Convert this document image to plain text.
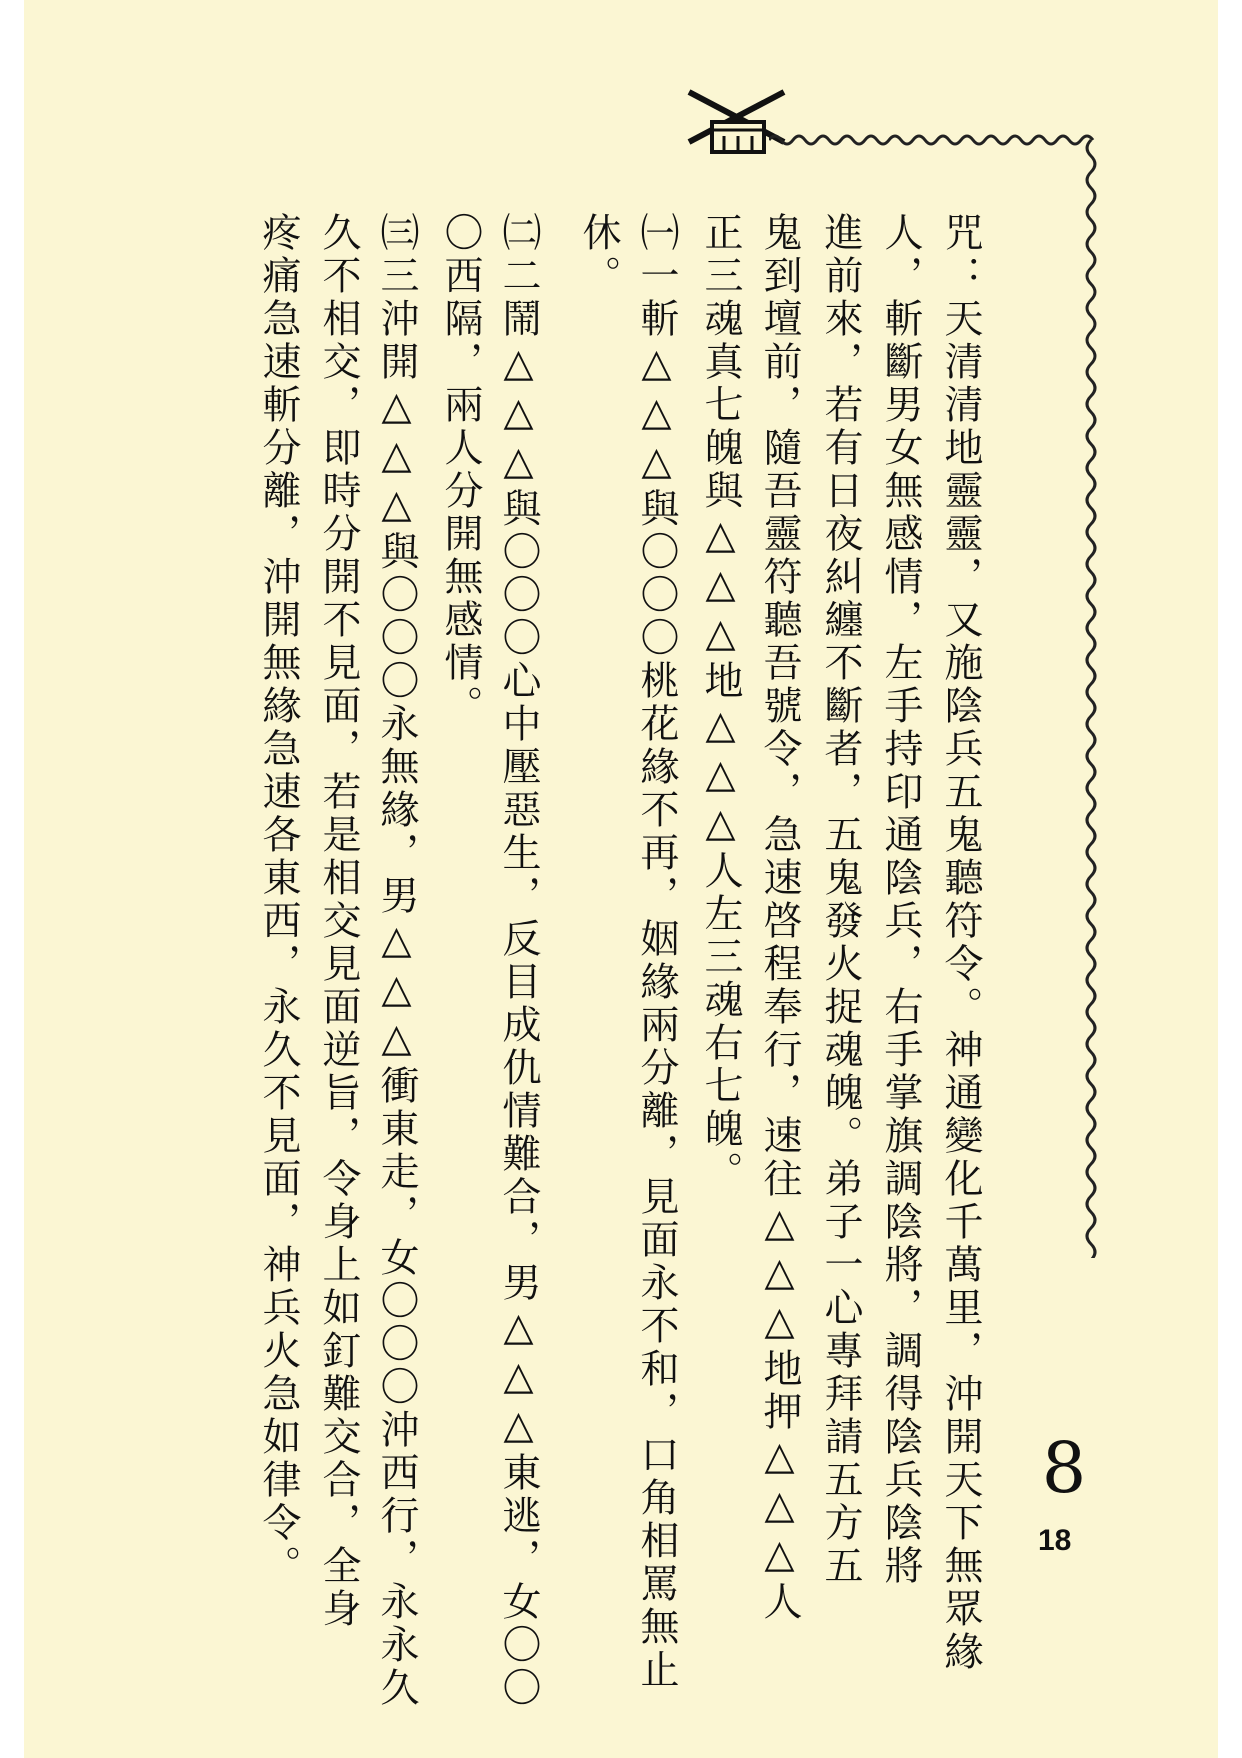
咒：天清清地靈靈，又施陰兵五鬼聽符令。神通變化千萬里，沖開天下無眾緣
人，斬斷男女無感情，左手持印通陰兵，右手掌旗調陰將，調得陰兵陰將
進前來，若有日夜糾纏不斷者，五鬼發火捉魂魄。弟子一心專拜請五方五
鬼到壇前，隨吾靈符聽吾號令，急速啓程奉行，速往△△△地押△△△人
正三魂真七魄與△△△地△△△人左三魂右七魄。
㈠一斬△△△與〇〇〇桃花緣不再，姻緣兩分離，見面永不和，口角相罵無止
休。
㈡二鬧△△△與〇〇〇心中壓惡生，反目成仇情難合，男△△△東逃，女〇〇
〇西隔，兩人分開無感情。
㈢三沖開△△△與〇〇〇永無緣，男△△△衝東走，女〇〇〇沖西行，永永久
久不相交，即時分開不見面，若是相交見面逆旨，令身上如釘難交合，全身
疼痛急速斬分離，沖開無緣急速各東西，永久不見面，神兵火急如律令。	8
18
